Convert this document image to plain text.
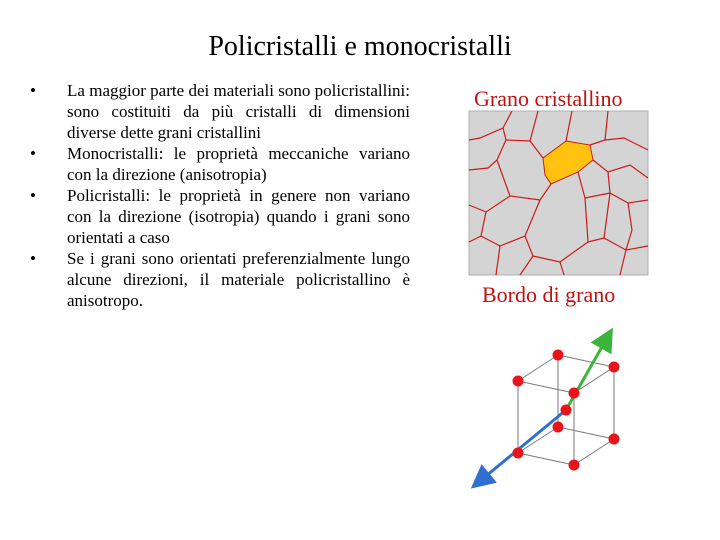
Policristalli e monocristalli
• La maggior parte dei materiali sono policristallini: sono costituiti da più cristalli di dimensioni diverse dette grani cristallini
• Monocristalli: le proprietà meccaniche variano con la direzione (anisotropia)
• Policristalli: le proprietà in genere non variano con la direzione (isotropia) quando i grani sono orientati a caso
• Se i grani sono orientati preferenzialmente lungo alcune direzioni, il materiale policristallino è anisotropo.
Grano cristallino
Bordo di grano
